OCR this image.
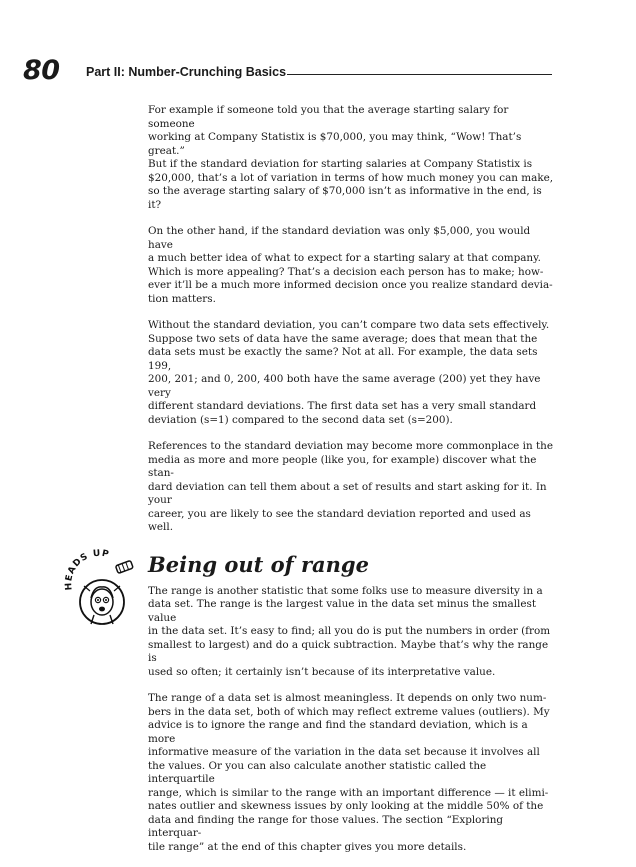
80 Part II: Number-Crunching Basics

For example if someone told you that the average starting salary for someone
working at Company Statistix is $70,000, you may think, “Wow! That’s great.”
But if the standard deviation for starting salaries at Company Statistix is
$20,000, that’s a lot of variation in terms of how much money you can make,
so the average starting salary of $70,000 isn’t as informative in the end, is it?

On the other hand, if the standard deviation was only $5,000, you would have
a much better idea of what to expect for a starting salary at that company.
Which is more appealing? That’s a decision each person has to make; how-
ever it’ll be a much more informed decision once you realize standard devia-
tion matters.

Without the standard deviation, you can’t compare two data sets effectively.
Suppose two sets of data have the same average; does that mean that the
data sets must be exactly the same? Not at all. For example, the data sets 199,
200, 201; and 0, 200, 400 both have the same average (200) yet they have very
different standard deviations. The first data set has a very small standard
deviation (s=1) compared to the second data set (s=200).

References to the standard deviation may become more commonplace in the
media as more and more people (like you, for example) discover what the stan-
dard deviation can tell them about a set of results and start asking for it. In your
career, you are likely to see the standard deviation reported and used as well.

Being out of range

The range is another statistic that some folks use to measure diversity in a
data set. The range is the largest value in the data set minus the smallest value
in the data set. It’s easy to find; all you do is put the numbers in order (from
smallest to largest) and do a quick subtraction. Maybe that’s why the range is
used so often; it certainly isn’t because of its interpretative value.

The range of a data set is almost meaningless. It depends on only two num-
bers in the data set, both of which may reflect extreme values (outliers). My
advice is to ignore the range and find the standard deviation, which is a more
informative measure of the variation in the data set because it involves all
the values. Or you can also calculate another statistic called the interquartile
range, which is similar to the range with an important difference — it elimi-
nates outlier and skewness issues by only looking at the middle 50% of the
data and finding the range for those values. The section “Exploring interquar-
tile range” at the end of this chapter gives you more details.

HEADS UP
